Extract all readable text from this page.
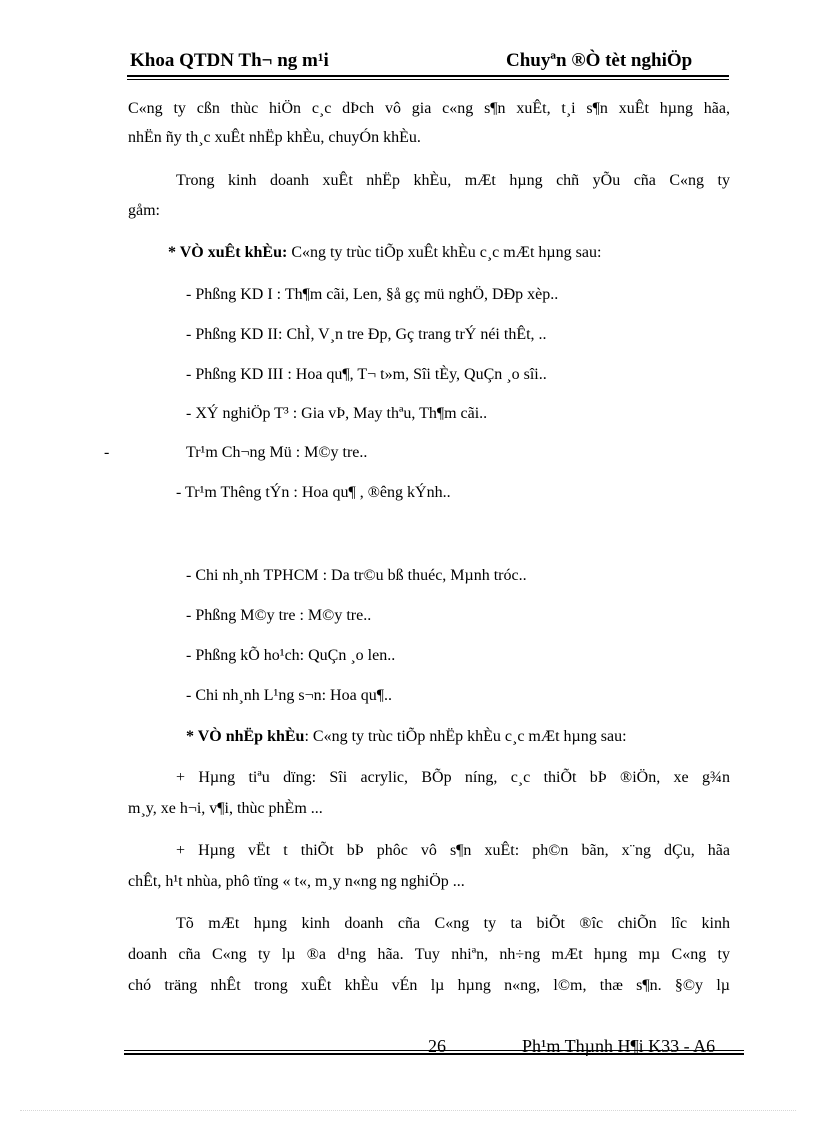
Khoa QTDN Th¬ ng m¹i	Chuyªn ®Ò tèt nghiÖp
C«ng ty cßn thùc hiÖn c¸c dÞch vô gia c«ng s¶n xuÊt, t¸i s¶n xuÊt hµng hãa,
nhËn ñy th¸c xuÊt nhËp khÈu, chuyÓn khÈu.
Trong kinh doanh xuÊt nhËp khÈu, mÆt hµng chñ yÕu cña C«ng ty
gåm:
* VÒ xuÊt khÈu: C«ng ty trùc tiÕp xuÊt khÈu c¸c mÆt hµng sau:
- Phßng KD I : Th¶m cãi, Len, §å gç mü nghÖ, DÐp xèp..
- Phßng KD II: ChÌ, V¸n tre Ðp, Gç trang trÝ néi thÊt, ..
- Phßng KD III : Hoa qu¶, T¬ t»m, Sîi tÈy, QuÇn ¸o sîi..
- XÝ nghiÖp T³ : Gia vÞ, May thªu, Th¶m cãi..
-	Tr¹m Ch¬ng Mü : M©y tre..
- Tr¹m Thêng tÝn : Hoa qu¶ , ®êng kÝnh..
- Chi nh¸nh TPHCM : Da tr©u bß thuéc, Mµnh tróc..
- Phßng M©y tre : M©y tre..
- Phßng kÕ ho¹ch: QuÇn ¸o len..
- Chi nh¸nh L¹ng s¬n: Hoa qu¶..
* VÒ nhËp khÈu: C«ng ty trùc tiÕp nhËp khÈu c¸c mÆt hµng sau:
+ Hµng tiªu dïng: Sîi acrylic, BÕp níng, c¸c thiÕt bÞ ®iÖn, xe g¾n
m¸y, xe h¬i, v¶i, thùc phÈm ...
+ Hµng vËt t thiÕt bÞ phôc vô s¶n xuÊt: ph©n bãn, x¨ng dÇu, hãa
chÊt, h¹t nhùa, phô tïng « t«, m¸y n«ng ng nghiÖp ...
Tõ mÆt hµng kinh doanh cña C«ng ty ta biÕt ®îc chiÕn lîc kinh
doanh cña C«ng ty lµ ®a d¹ng hãa. Tuy nhiªn, nh÷ng mÆt hµng mµ C«ng ty
chó träng nhÊt trong xuÊt khÈu vÉn lµ hµng n«ng, l©m, thæ s¶n. §©y lµ
26	Ph¹m Thµnh H¶i K33 - A6
